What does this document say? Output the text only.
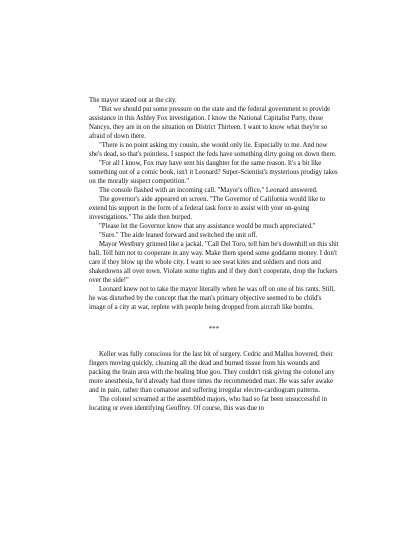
The mayor stared out at the city.

"But we should put some pressure on the state and the federal government to provide assistance in this Ashley Fox investigation. I know the National Capitalist Party, those Nancys, they are in on the situation on District Thirteen. I want to know what they're so afraid of down there.

"There is no point asking my cousin, she would only lie. Especially to me. And now she's dead, so that's pointless. I suspect the feds have something dirty going on down there.

"For all I know, Fox may have sent his daughter for the same reason. It's a bit like something out of a comic book, isn't it Leonard? Super-Scientist's mysterious prodigy takes on the morally suspect competition."

The console flashed with an incoming call. "Mayor's office," Leonard answered.

The governor's aide appeared on screen. "The Governor of California would like to extend his support in the form of a federal task force to assist with your on-going investigations." The aide then burped.

"Please let the Governor know that any assistance would be much appreciated."

"Sure." The aide leaned forward and switched the unit off.

Mayor Westbury grinned like a jackal. "Call Del Toro, tell him he's downhill on this shit ball. Tell him not to cooperate in any way. Make them spend some goddamn money. I don't care if they blow up the whole city. I want to see swat kites and soldiers and riots and shakedowns all over town. Violate some rights and if they don't cooperate, drop the fuckers over the side!"

Leonard knew not to take the mayor literally when he was off on one of his rants. Still, he was disturbed by the concept that the man's primary objective seemed to be child's image of a city at war, replete with people being dropped from aircraft like bombs.

***

Keller was fully conscious for the last bit of surgery. Cedric and Mallus hovered, their fingers moving quickly, cleaning all the dead and burned tissue from his wounds and packing the brain area with the healing blue goo. They couldn't risk giving the colonel any more anesthesia, he'd already had three times the recommended max. He was safer awake and in pain, rather than comatose and suffering irregular electro-cardiogram patterns.

The colonel screamed at the assembled majors, who had so far been unsuccessful in locating or even identifying Geoffrey. Of course, this was due to
